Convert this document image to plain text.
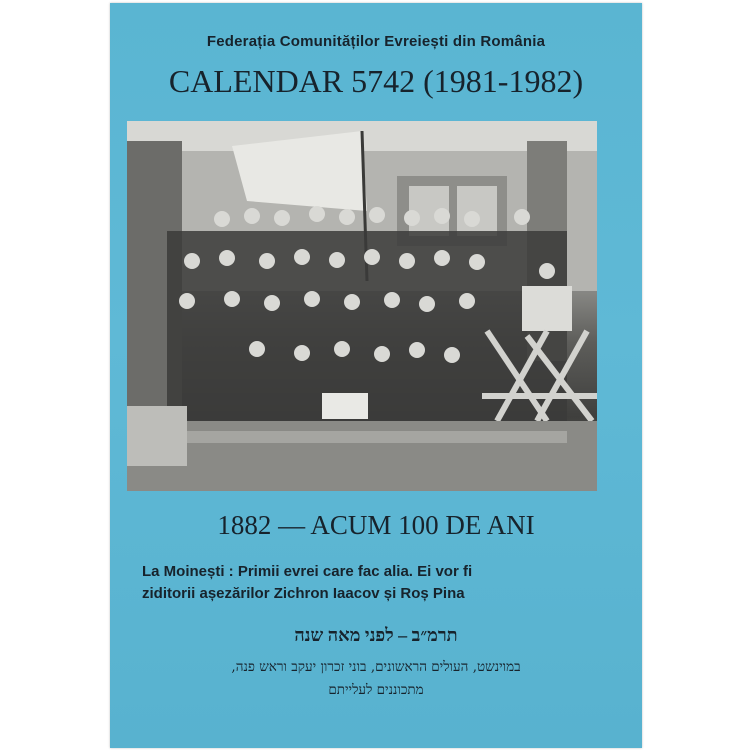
Federația Comunităților Evreiești din România
CALENDAR 5742 (1981-1982)
1882 — ACUM 100 DE ANI
La Moinești : Primii evrei care fac alia. Ei vor fi
ziditorii așezărilor Zichron Iaacov și Roș Pina
תרמ״ב – לפני מאה שנה
במוינשט, העולים הראשונים, בוני זכרון יעקב וראש פנה,
מתכוננים לעלייתם
